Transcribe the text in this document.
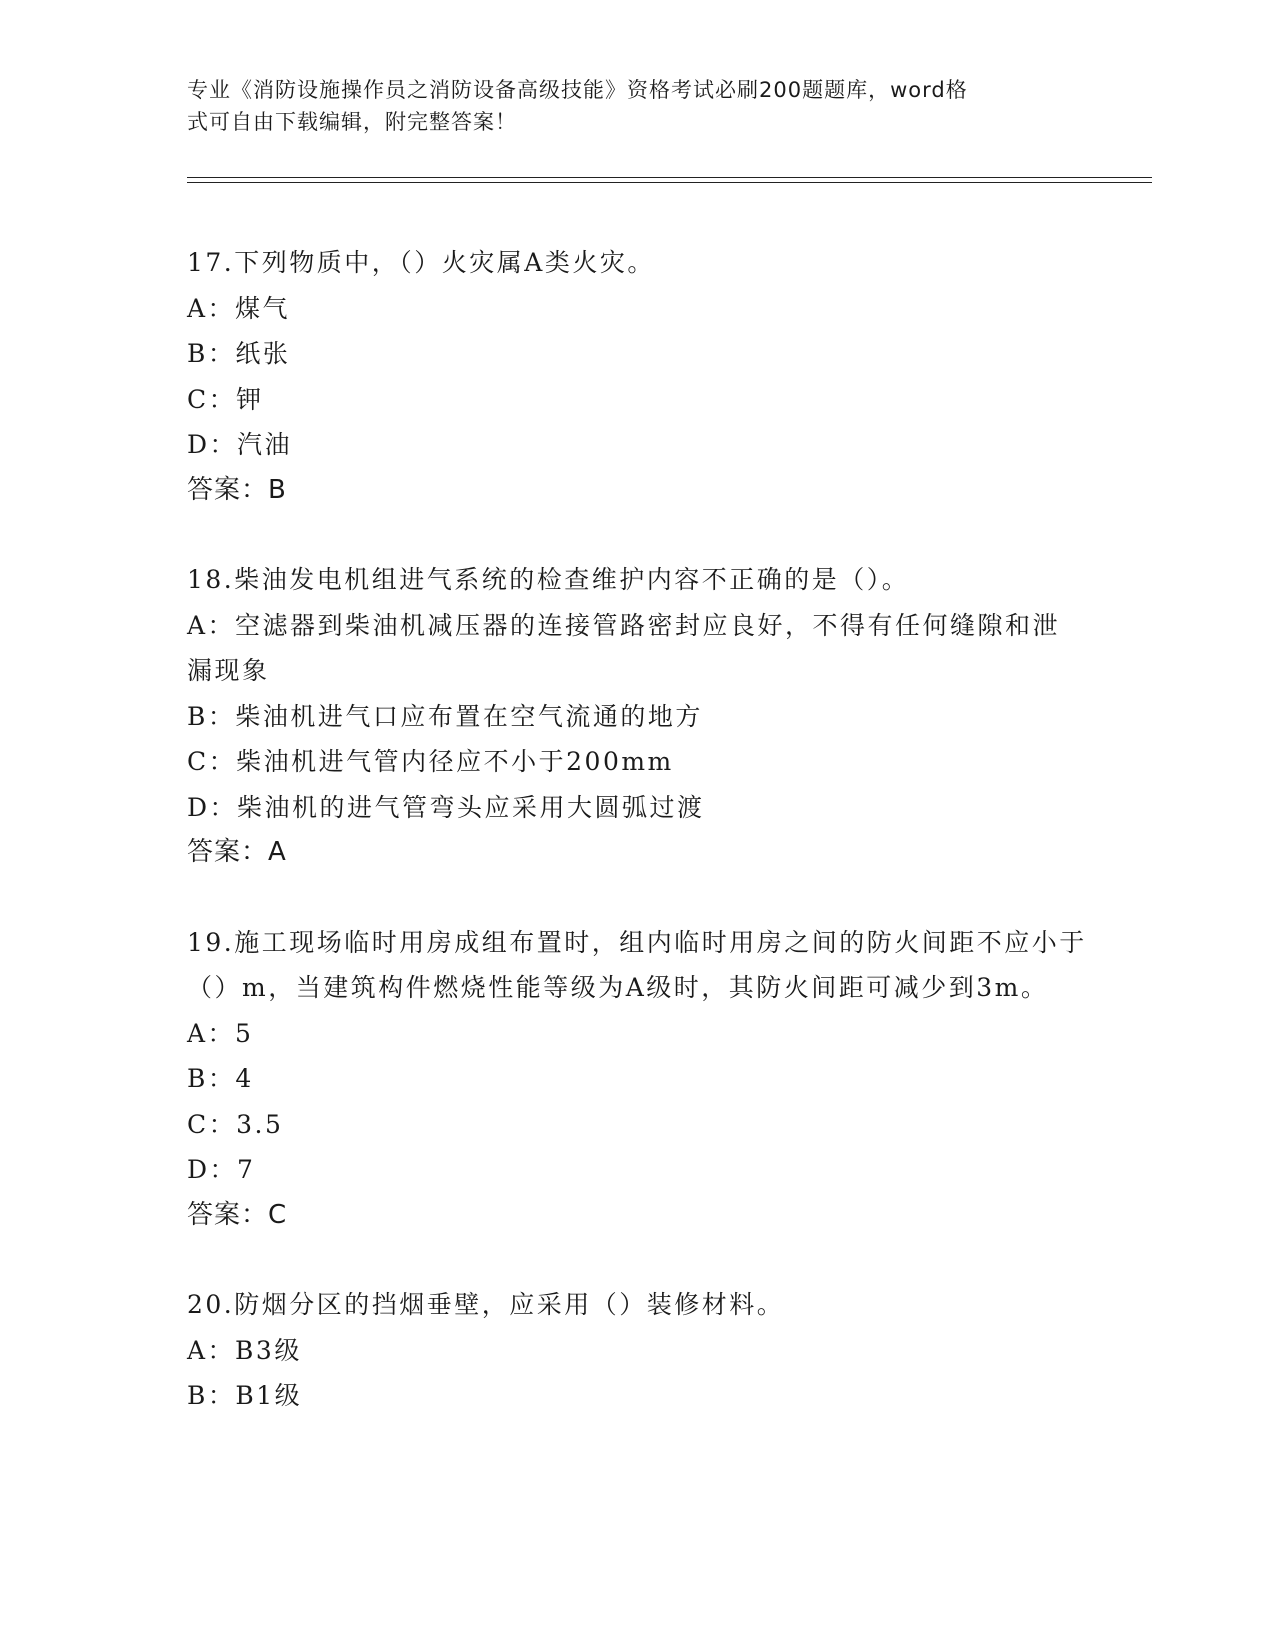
专业《消防设施操作员之消防设备高级技能》资格考试必刷200题题库，word格
式可自由下载编辑，附完整答案！
17.下列物质中，（）火灾属A类火灾。
A：煤气
B：纸张
C：钾
D：汽油
答案：B
18.柴油发电机组进气系统的检查维护内容不正确的是（）。
A：空滤器到柴油机减压器的连接管路密封应良好，不得有任何缝隙和泄漏现象
B：柴油机进气口应布置在空气流通的地方
C：柴油机进气管内径应不小于200mm
D：柴油机的进气管弯头应采用大圆弧过渡
答案：A
19.施工现场临时用房成组布置时，组内临时用房之间的防火间距不应小于（）m，当建筑构件燃烧性能等级为A级时，其防火间距可减少到3m。
A：5
B：4
C：3.5
D：7
答案：C
20.防烟分区的挡烟垂壁，应采用（）装修材料。
A：B3级
B：B1级
